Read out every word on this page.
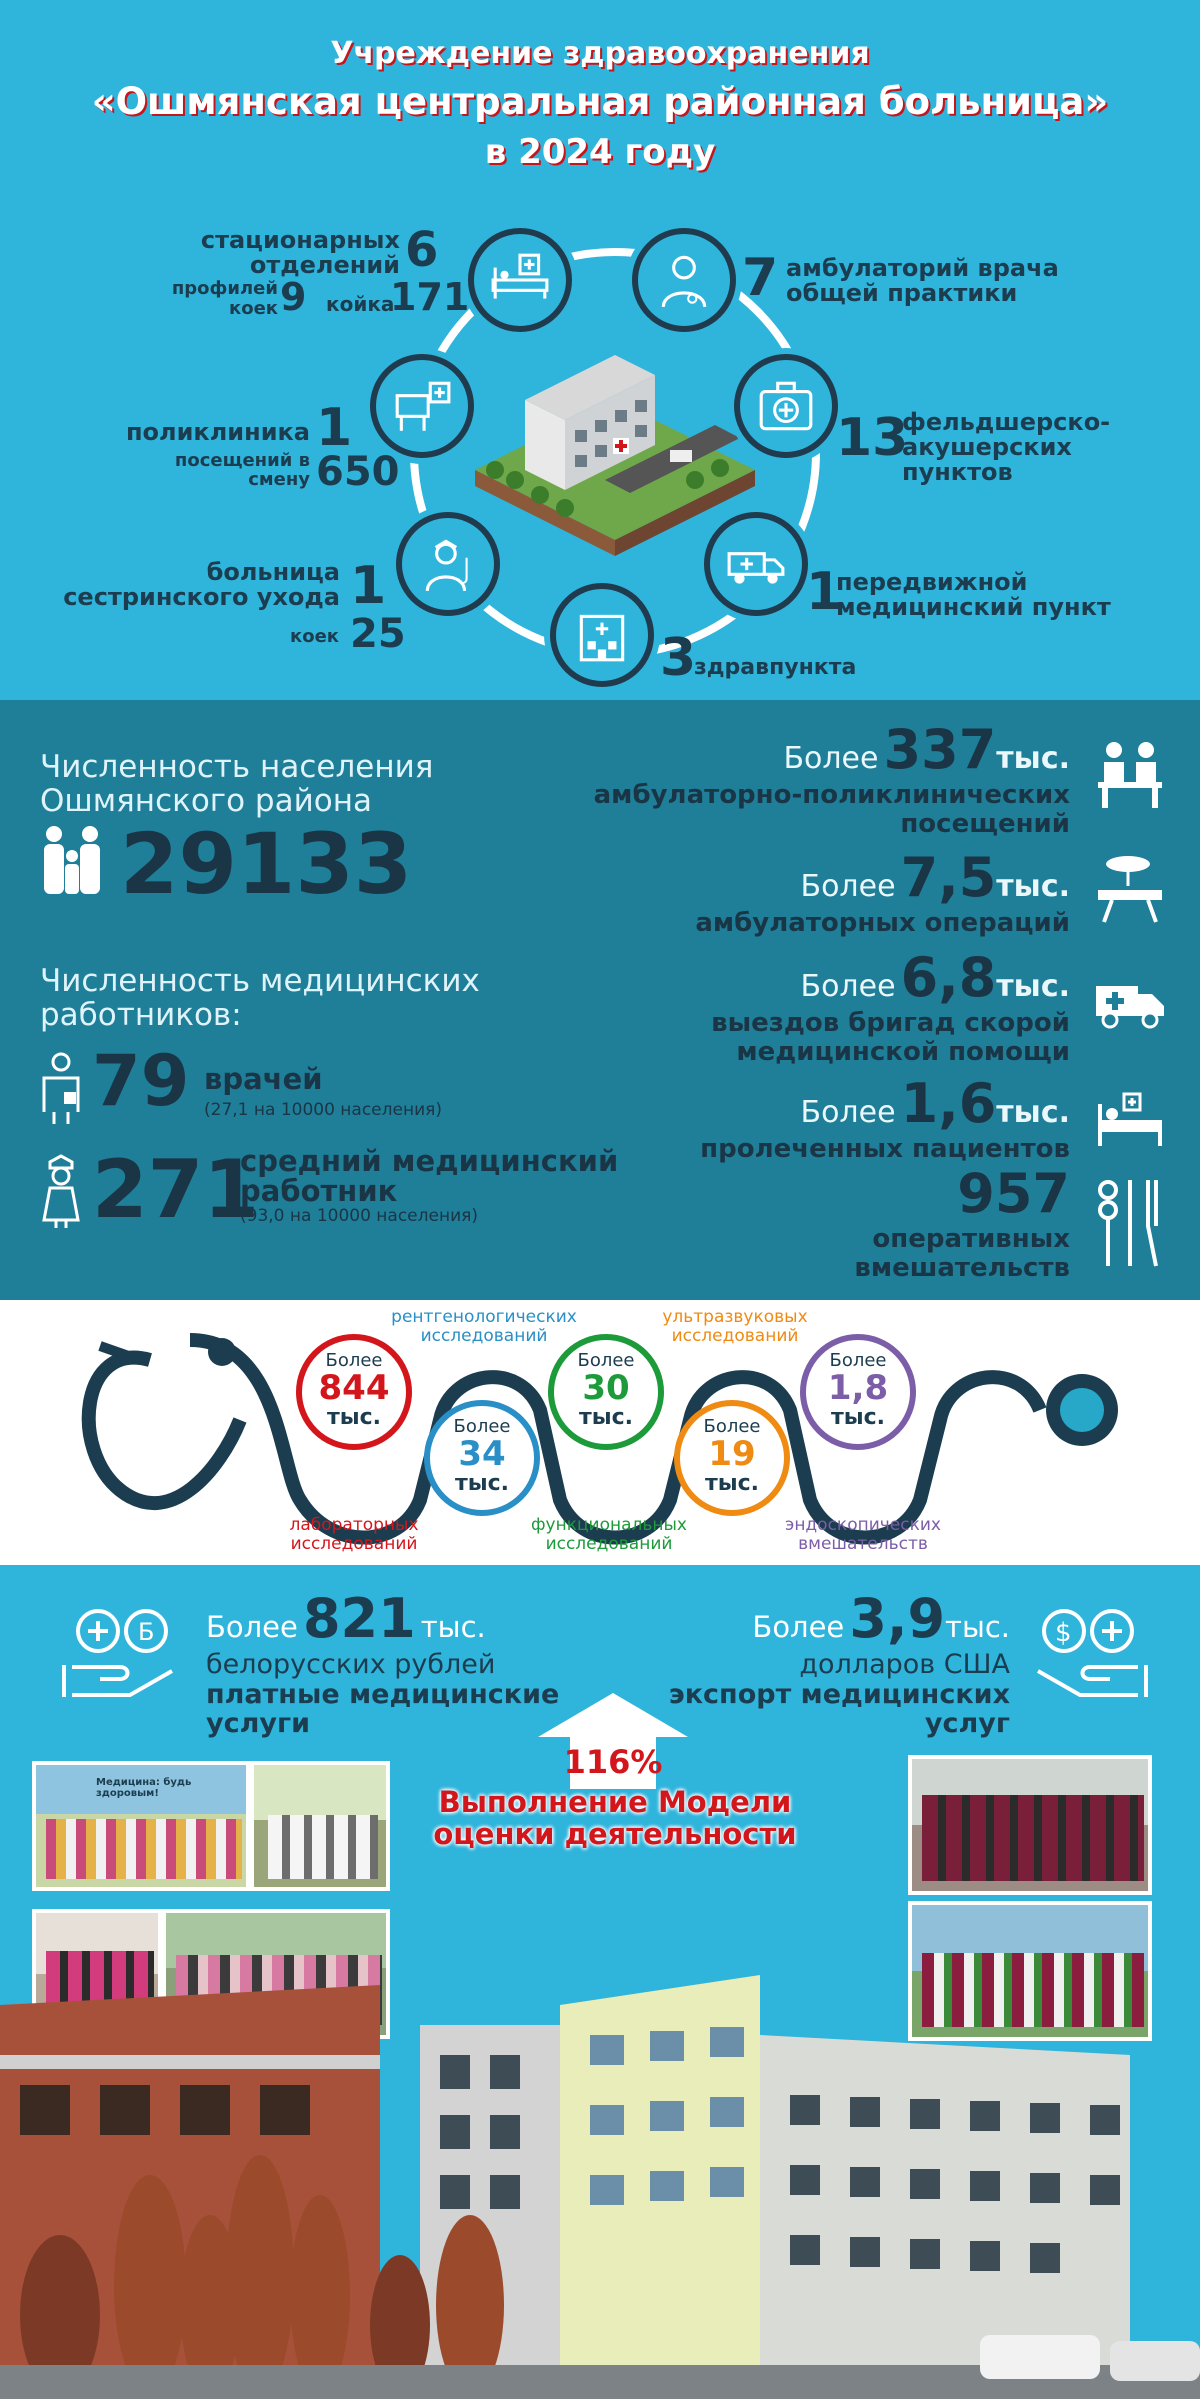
Учреждение здравоохранения
«Ошмянская центральная районная больница»
в 2024 году
стационарных отделений 6
профилей
коек 9 койка
171
поликлиника 1
посещений в смену 650
больница сестринского ухода 1
коек 25
7 амбулаторий врача общей практики
13
фельдшерско-акушерских пунктов
1
передвижной медицинский пункт
3
здравпункта
Численность населения Ошмянского района
29133
Численность медицинских работников:
79 врачей
(27,1 на 10000 населения)
271
средний медицинский работник
(93,0 на 10000 населения)
Более 337тыс.
амбулаторно-поликлинических посещений
Более 7,5тыс.
амбулаторных операций
Более 6,8тыс.
выездов бригад скорой медицинской помощи
Более 1,6тыс.
пролеченных пациентов
957
оперативных вмешательств
Более
844
тыс.	Более
34
тыс.
Более
30
тыс.	Более
19
тыс.
Более
1,8
тыс.
лабораторных исследований
рентгенологических исследований
функциональных исследований
ультразвуковых исследований
эндоскопических вмешательств
Б Более 821 тыс.
белорусских рублей
платные медицинские услуги
Более 3,9тыс.
долларов США
экспорт медицинских услуг
$
116%
Выполнение Модели оценки деятельности
Медицина: будь здоровым!
